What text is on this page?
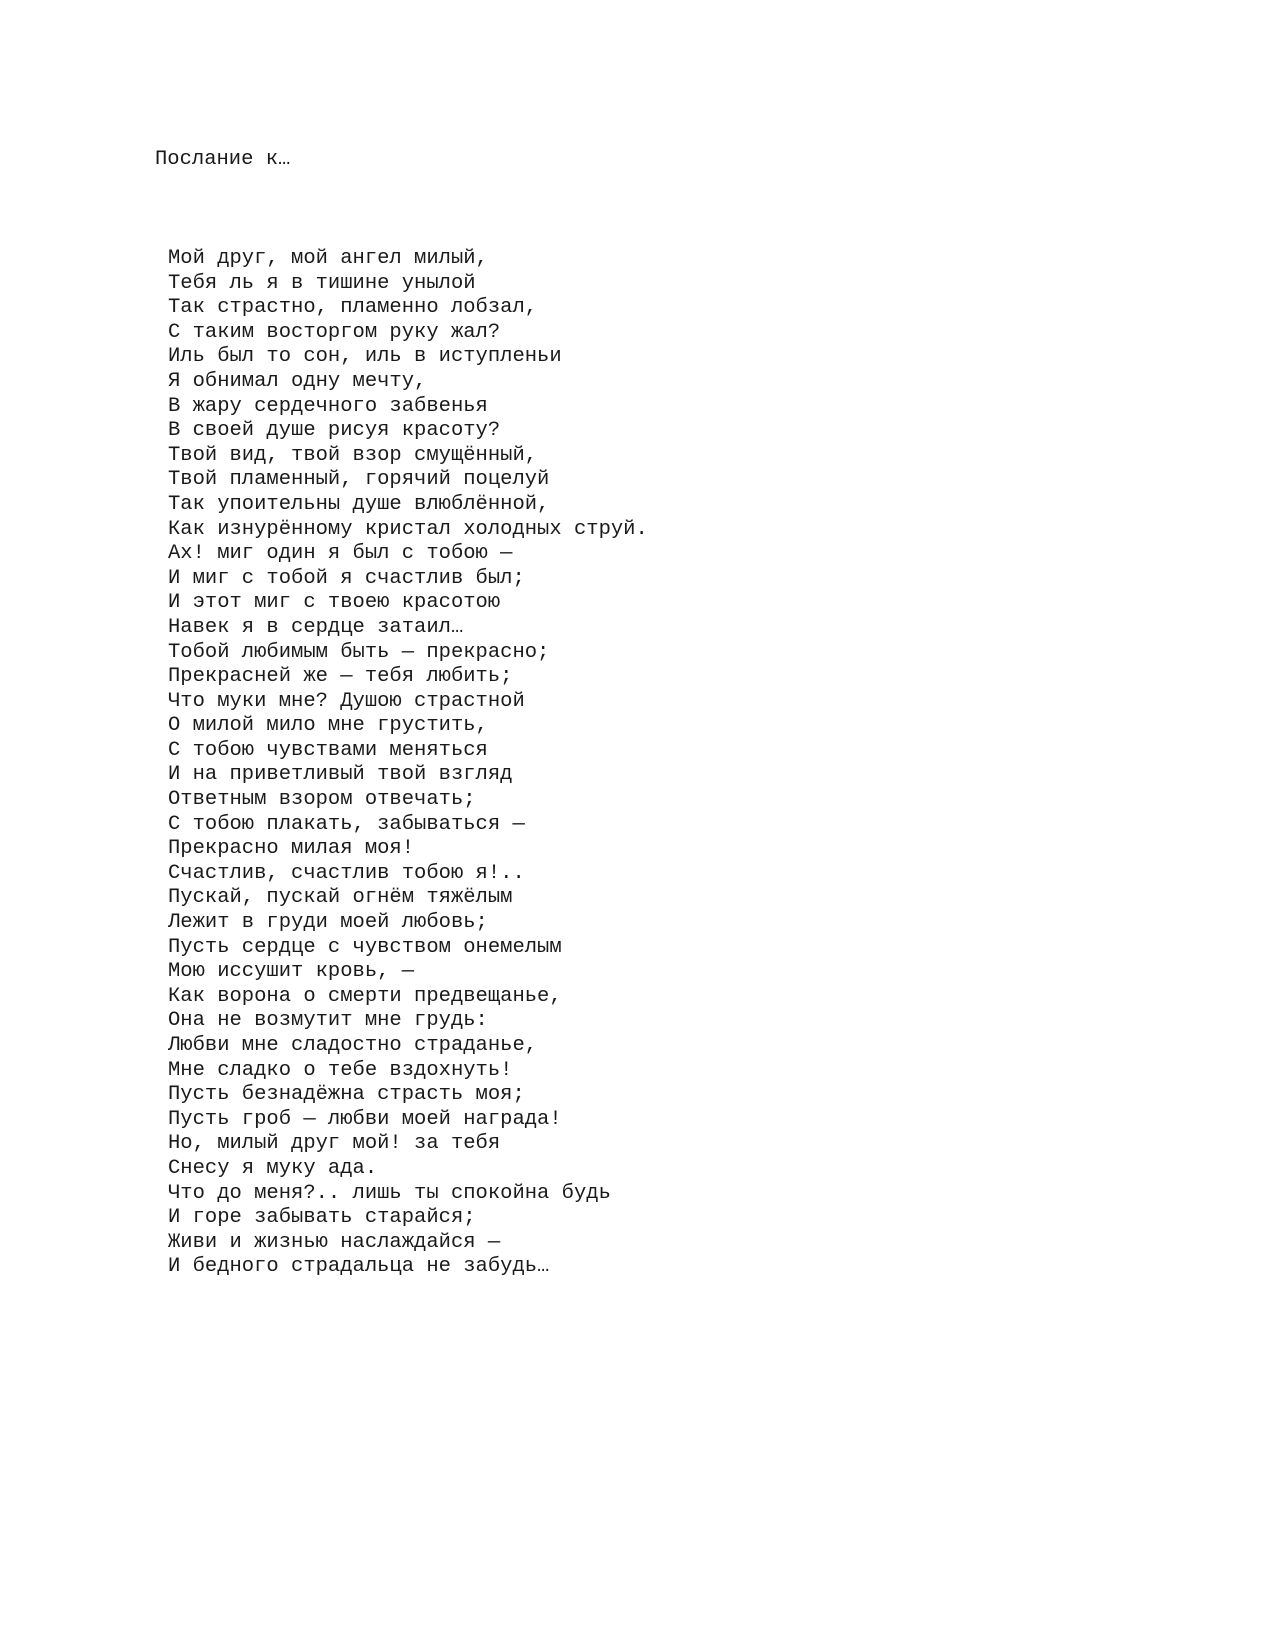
Послание к…

Мой друг, мой ангел милый,
Тебя ль я в тишине унылой
Так страстно, пламенно лобзал,
С таким восторгом руку жал?
Иль был то сон, иль в иступленьи
Я обнимал одну мечту,
В жару сердечного забвенья
В своей душе рисуя красоту?
Твой вид, твой взор смущённый,
Твой пламенный, горячий поцелуй
Так упоительны душе влюблённой,
Как изнурённому кристал холодных струй.
Ах! миг один я был с тобою —
И миг с тобой я счастлив был;
И этот миг с твоею красотою
Навек я в сердце затаил…
Тобой любимым быть — прекрасно;
Прекрасней же — тебя любить;
Что муки мне? Душою страстной
О милой мило мне грустить,
С тобою чувствами меняться
И на приветливый твой взгляд
Ответным взором отвечать;
С тобою плакать, забываться —
Прекрасно милая моя!
Счастлив, счастлив тобою я!..
Пускай, пускай огнём тяжёлым
Лежит в груди моей любовь;
Пусть сердце с чувством онемелым
Мою иссушит кровь, —
Как ворона о смерти предвещанье,
Она не возмутит мне грудь:
Любви мне сладостно страданье,
Мне сладко о тебе вздохнуть!
Пусть безнадёжна страсть моя;
Пусть гроб — любви моей награда!
Но, милый друг мой! за тебя
Снесу я муку ада.
Что до меня?.. лишь ты спокойна будь
И горе забывать старайся;
Живи и жизнью наслаждайся —
И бедного страдальца не забудь…
